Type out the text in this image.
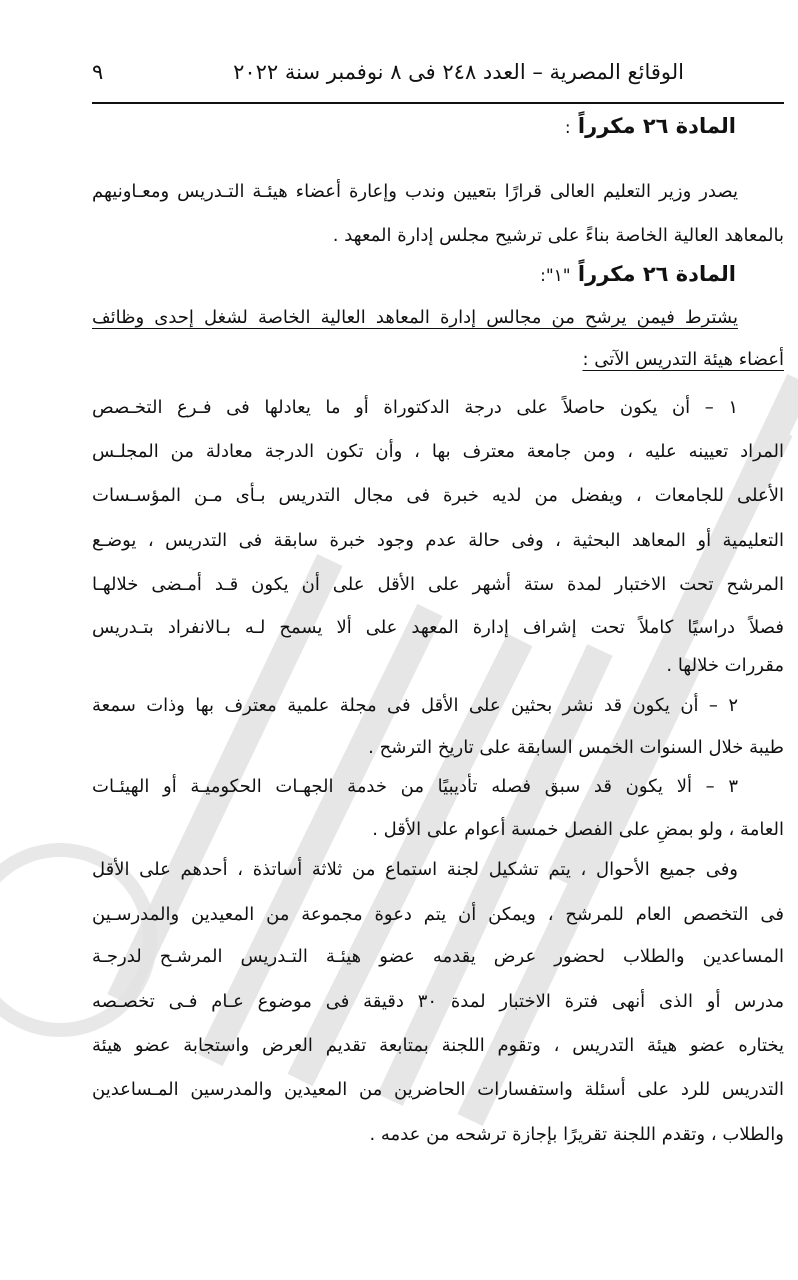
الوقائع المصرية – العدد ٢٤٨ فى ٨ نوفمبر سنة ٢٠٢٢
٩
المادة ٢٦ مكرراً :
يصدر وزير التعليم العالى قرارًا بتعيين وندب وإعارة أعضاء هيئـة التـدريس ومعـاونيهم
بالمعاهد العالية الخاصة بناءً على ترشيح مجلس إدارة المعهد .
المادة ٢٦ مكرراً "١":
يشترط فيمن يرشح من مجالس إدارة المعاهد العالية الخاصة لشغل إحدى وظائف
أعضاء هيئة التدريس الآتى :
١ – أن يكون حاصلاً على درجة الدكتوراة أو ما يعادلها فى فـرع التخـصص
المراد تعيينه عليه ، ومن جامعة معترف بها ، وأن تكون الدرجة معادلة من المجلـس
الأعلى للجامعات ، ويفضل من لديه خبرة فى مجال التدريس بـأى مـن المؤسـسات
التعليمية أو المعاهد البحثية ، وفى حالة عدم وجود خبرة سابقة فى التدريس ، يوضـع
المرشح تحت الاختبار لمدة ستة أشهر على الأقل على أن يكون قـد أمـضى خلالهـا
فصلاً دراسيًا كاملاً تحت إشراف إدارة المعهد على ألا يسمح لـه بـالانفراد بتـدريس
مقررات خلالها .
٢ – أن يكون قد نشر بحثين على الأقل فى مجلة علمية معترف بها وذات سمعة
طيبة خلال السنوات الخمس السابقة على تاريخ الترشح .
٣ – ألا يكون قد سبق فصله تأديبيًا من خدمة الجهـات الحكوميـة أو الهيئـات
العامة ، ولو بمضِ على الفصل خمسة أعوام على الأقل .
وفى جميع الأحوال ، يتم تشكيل لجنة استماع من ثلاثة أساتذة ، أحدهم على الأقل
فى التخصص العام للمرشح ، ويمكن أن يتم دعوة مجموعة من المعيدين والمدرسـين
المساعدين والطلاب لحضور عرض يقدمه عضو هيئـة التـدريس المرشـح لدرجـة
مدرس أو الذى أنهى فترة الاختبار لمدة ٣٠ دقيقة فى موضوع عـام فـى تخصـصه
يختاره عضو هيئة التدريس ، وتقوم اللجنة بمتابعة تقديم العرض واستجابة عضو هيئة
التدريس للرد على أسئلة واستفسارات الحاضرين من المعيدين والمدرسين المـساعدين
والطلاب ، وتقدم اللجنة تقريرًا بإجازة ترشحه من عدمه .
